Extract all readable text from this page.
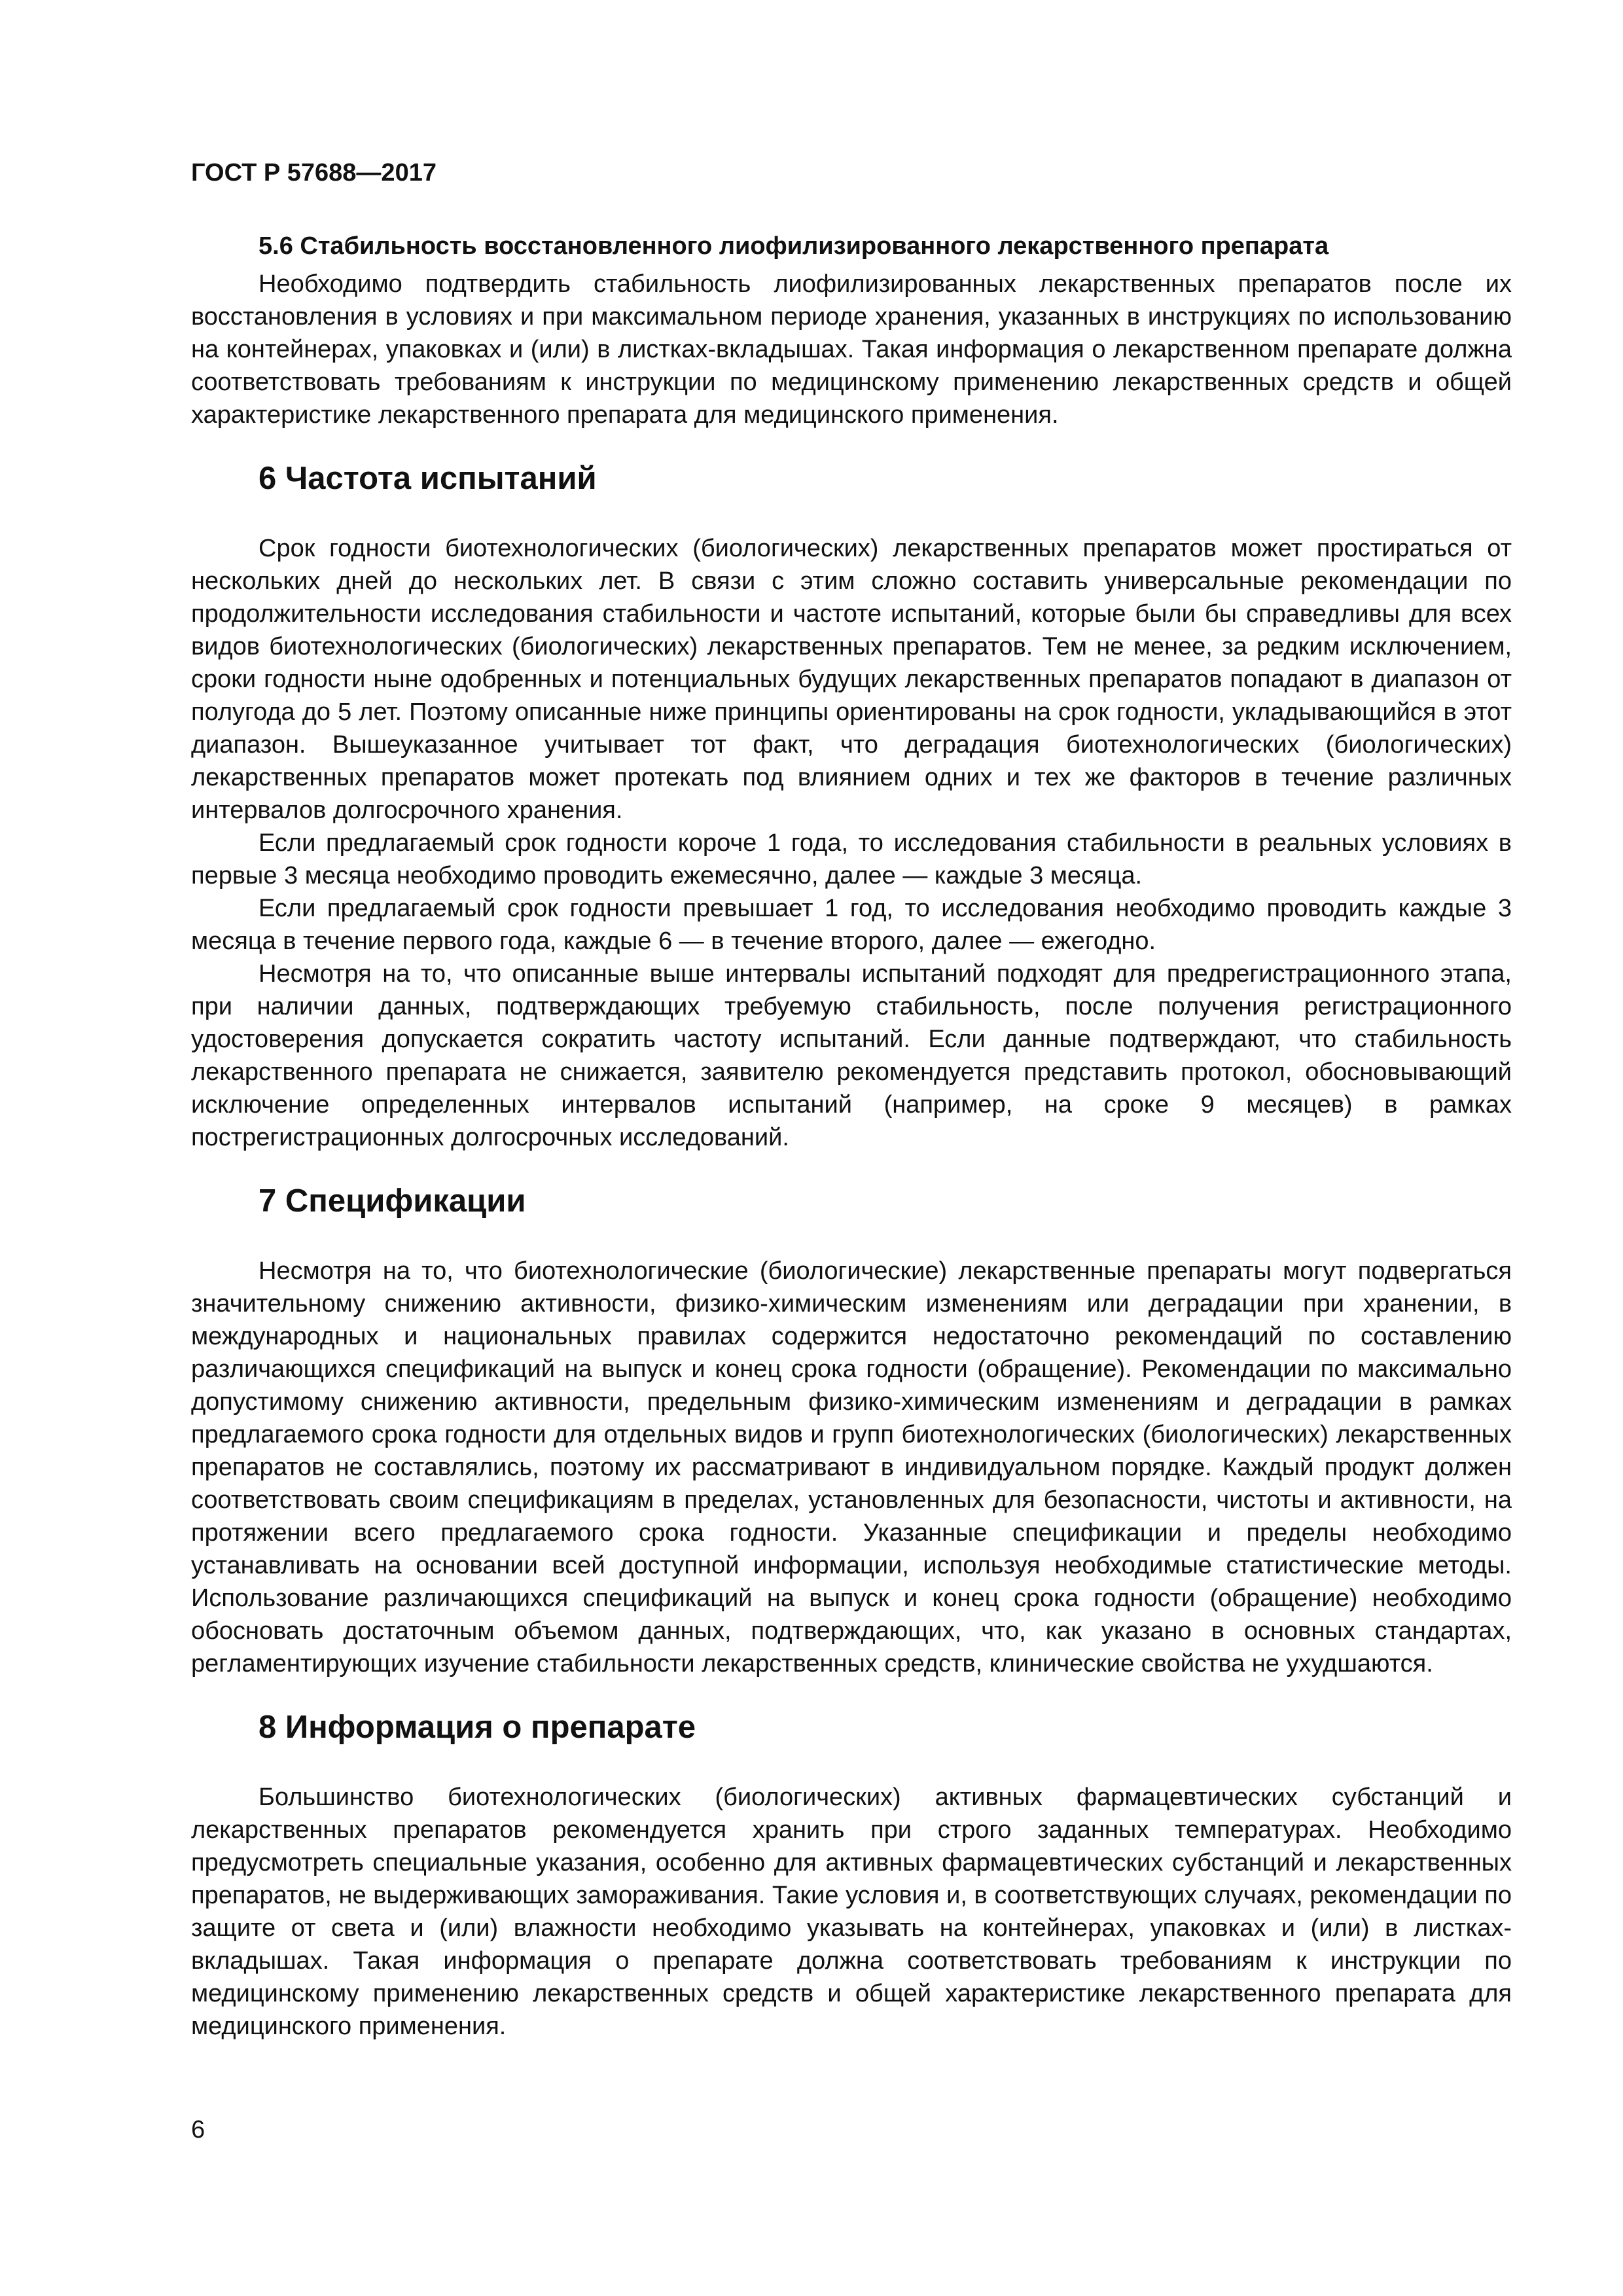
ГОСТ Р 57688—2017
5.6 Стабильность восстановленного лиофилизированного лекарственного препарата

Необходимо подтвердить стабильность лиофилизированных лекарственных препаратов после их восстановления в условиях и при максимальном периоде хранения, указанных в инструкциях по использованию на контейнерах, упаковках и (или) в листках-вкладышах. Такая информация о лекарственном препарате должна соответствовать требованиям к инструкции по медицинскому применению лекарственных средств и общей характеристике лекарственного препарата для медицинского применения.

6 Частота испытаний

Срок годности биотехнологических (биологических) лекарственных препаратов может простираться от нескольких дней до нескольких лет. В связи с этим сложно составить универсальные рекомендации по продолжительности исследования стабильности и частоте испытаний, которые были бы справедливы для всех видов биотехнологических (биологических) лекарственных препаратов. Тем не менее, за редким исключением, сроки годности ныне одобренных и потенциальных будущих лекарственных препаратов попадают в диапазон от полугода до 5 лет. Поэтому описанные ниже принципы ориентированы на срок годности, укладывающийся в этот диапазон. Вышеуказанное учитывает тот факт, что деградация биотехнологических (биологических) лекарственных препаратов может протекать под влиянием одних и тех же факторов в течение различных интервалов долгосрочного хранения.

Если предлагаемый срок годности короче 1 года, то исследования стабильности в реальных условиях в первые 3 месяца необходимо проводить ежемесячно, далее — каждые 3 месяца.

Если предлагаемый срок годности превышает 1 год, то исследования необходимо проводить каждые 3 месяца в течение первого года, каждые 6 — в течение второго, далее — ежегодно.

Несмотря на то, что описанные выше интервалы испытаний подходят для предрегистрационного этапа, при наличии данных, подтверждающих требуемую стабильность, после получения регистрационного удостоверения допускается сократить частоту испытаний. Если данные подтверждают, что стабильность лекарственного препарата не снижается, заявителю рекомендуется представить протокол, обосновывающий исключение определенных интервалов испытаний (например, на сроке 9 месяцев) в рамках пострегистрационных долгосрочных исследований.

7 Спецификации

Несмотря на то, что биотехнологические (биологические) лекарственные препараты могут подвергаться значительному снижению активности, физико-химическим изменениям или деградации при хранении, в международных и национальных правилах содержится недостаточно рекомендаций по составлению различающихся спецификаций на выпуск и конец срока годности (обращение). Рекомендации по максимально допустимому снижению активности, предельным физико-химическим изменениям и деградации в рамках предлагаемого срока годности для отдельных видов и групп биотехнологических (биологических) лекарственных препаратов не составлялись, поэтому их рассматривают в индивидуальном порядке. Каждый продукт должен соответствовать своим спецификациям в пределах, установленных для безопасности, чистоты и активности, на протяжении всего предлагаемого срока годности. Указанные спецификации и пределы необходимо устанавливать на основании всей доступной информации, используя необходимые статистические методы. Использование различающихся спецификаций на выпуск и конец срока годности (обращение) необходимо обосновать достаточным объемом данных, подтверждающих, что, как указано в основных стандартах, регламентирующих изучение стабильности лекарственных средств, клинические свойства не ухудшаются.

8 Информация о препарате

Большинство биотехнологических (биологических) активных фармацевтических субстанций и лекарственных препаратов рекомендуется хранить при строго заданных температурах. Необходимо предусмотреть специальные указания, особенно для активных фармацевтических субстанций и лекарственных препаратов, не выдерживающих замораживания. Такие условия и, в соответствующих случаях, рекомендации по защите от света и (или) влажности необходимо указывать на контейнерах, упаковках и (или) в листках-вкладышах. Такая информация о препарате должна соответствовать требованиям к инструкции по медицинскому применению лекарственных средств и общей характеристике лекарственного препарата для медицинского применения.

6
